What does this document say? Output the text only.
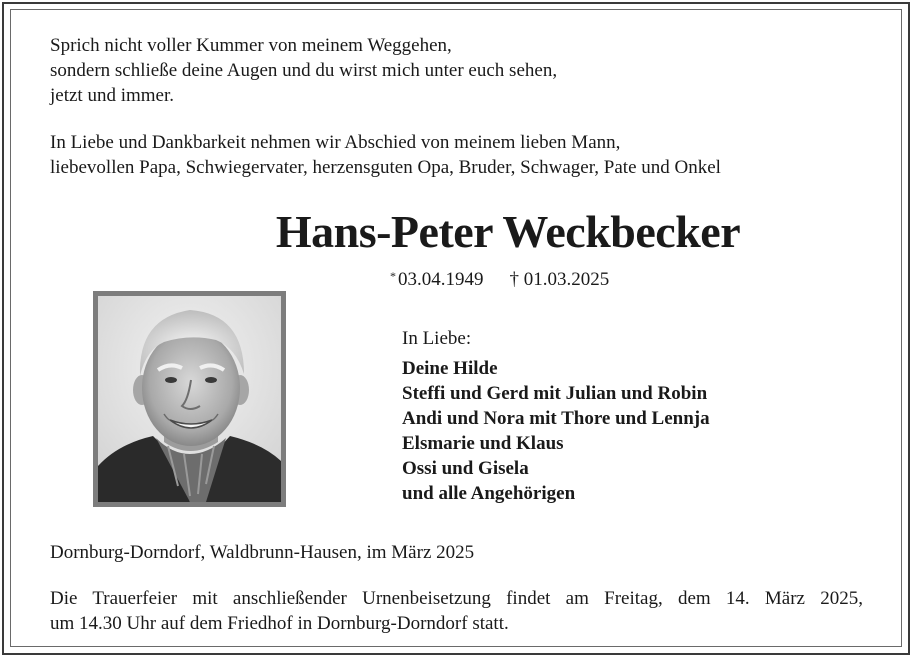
Sprich nicht voller Kummer von meinem Weggehen,
sondern schließe deine Augen und du wirst mich unter euch sehen,
jetzt und immer.
In Liebe und Dankbarkeit nehmen wir Abschied von meinem lieben Mann,
liebevollen Papa, Schwiegervater, herzensguten Opa, Bruder, Schwager, Pate und Onkel
Hans-Peter Weckbecker
* 03.04.1949 † 01.03.2025
In Liebe:
Deine Hilde
Steffi und Gerd mit Julian und Robin
Andi und Nora mit Thore und Lennja
Elsmarie und Klaus
Ossi und Gisela
und alle Angehörigen
Dornburg-Dorndorf, Waldbrunn-Hausen, im März 2025
Die Trauerfeier mit anschließender Urnenbeisetzung findet am Freitag, dem 14. März 2025,
um 14.30 Uhr auf dem Friedhof in Dornburg-Dorndorf statt.
